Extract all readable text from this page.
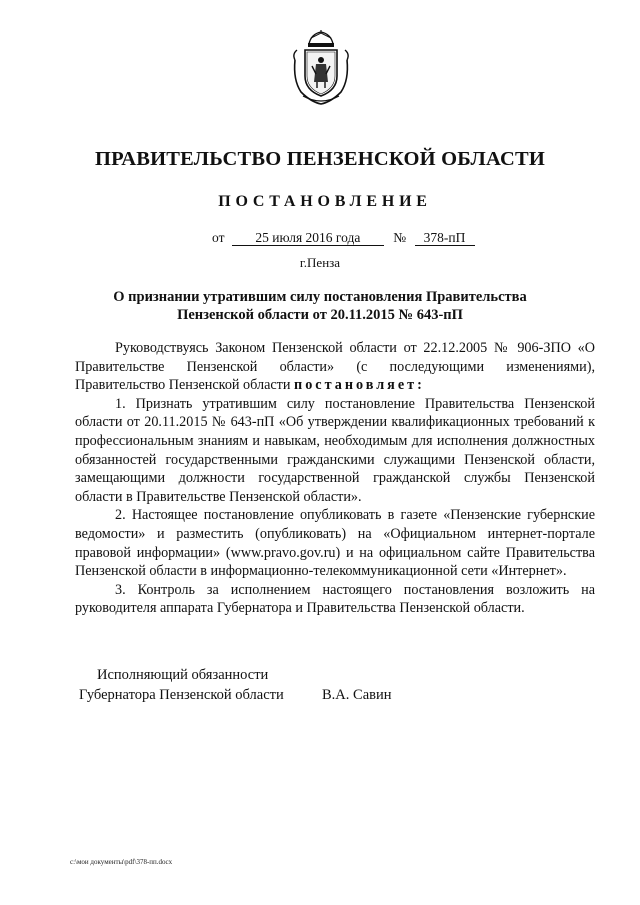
ПРАВИТЕЛЬСТВО ПЕНЗЕНСКОЙ ОБЛАСТИ
ПОСТАНОВЛЕНИЕ
от 25 июля 2016 года № 378-пП
г.Пенза
О признании утратившим силу постановления Правительства Пензенской области от 20.11.2015 № 643-пП

Руководствуясь Законом Пензенской области от 22.12.2005 № 906-ЗПО «О Правительстве Пензенской области» (с последующими изменениями), Правительство Пензенской области постановляет:

1. Признать утратившим силу постановление Правительства Пензенской области от 20.11.2015 № 643-пП «Об утверждении квалификационных требований к профессиональным знаниям и навыкам, необходимым для исполнения должностных обязанностей государственными гражданскими служащими Пензенской области, замещающими должности государственной гражданской службы Пензенской области в Правительстве Пензенской области».

2. Настоящее постановление опубликовать в газете «Пензенские губернские ведомости» и разместить (опубликовать) на «Официальном интернет-портале правовой информации» (www.pravo.gov.ru) и на официальном сайте Правительства Пензенской области в информационно-телекоммуникационной сети «Интернет».

3. Контроль за исполнением настоящего постановления возложить на руководителя аппарата Губернатора и Правительства Пензенской области.

Исполняющий обязанности
Губернатора Пензенской области	В.А. Савин
c:\мои документы\pdf\378-пп.docx
